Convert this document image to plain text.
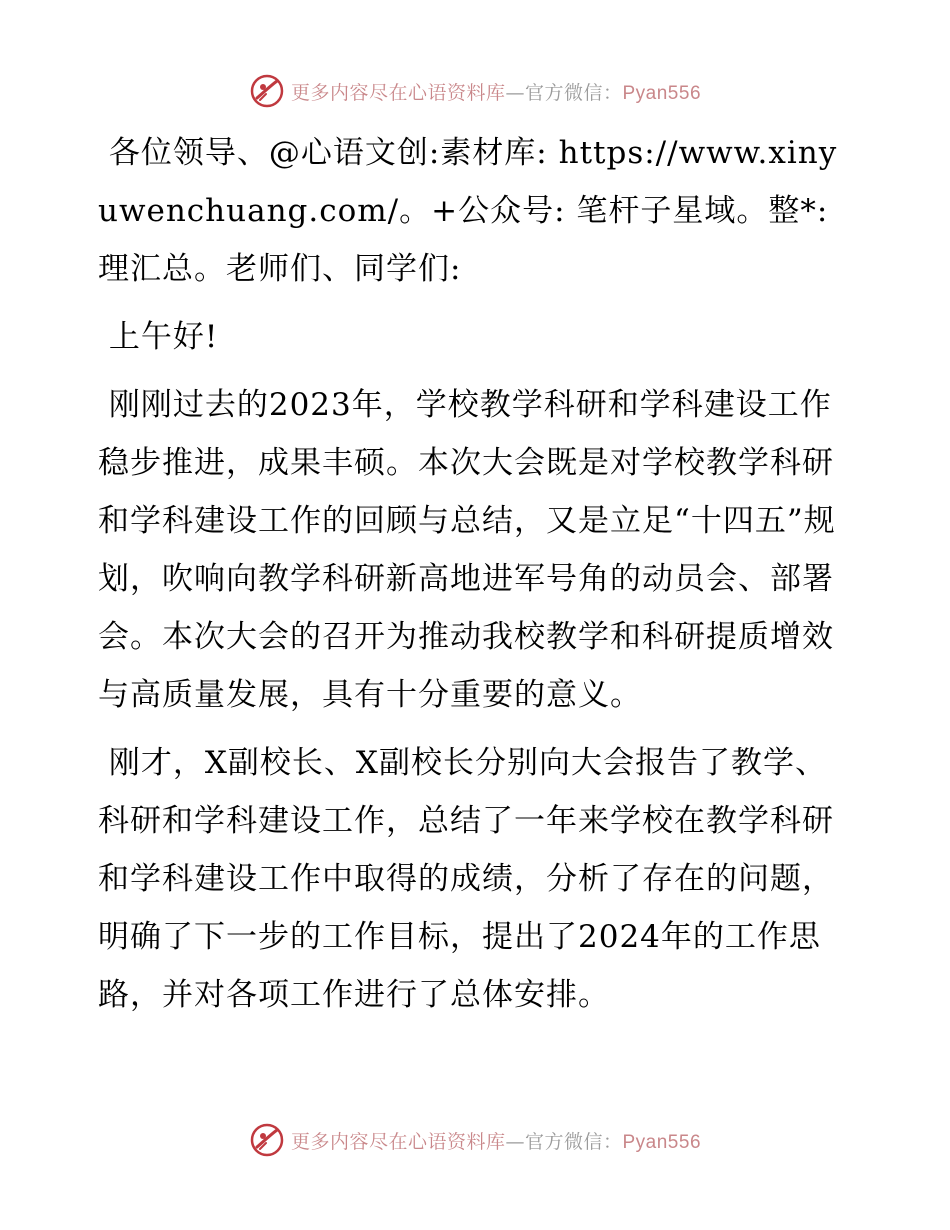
更多内容尽在心语资料库—官方微信：Pyan556

各位领导、@心语文创:素材库: https://www.xinyuwenchuang.com/。+公众号: 笔杆子星域。整*:理汇总。老师们、同学们:

上午好!

刚刚过去的2023年，学校教学科研和学科建设工作稳步推进，成果丰硕。本次大会既是对学校教学科研和学科建设工作的回顾与总结，又是立足“十四五”规划，吹响向教学科研新高地进军号角的动员会、部署会。本次大会的召开为推动我校教学和科研提质增效与高质量发展，具有十分重要的意义。

刚才，X副校长、X副校长分别向大会报告了教学、科研和学科建设工作，总结了一年来学校在教学科研和学科建设工作中取得的成绩，分析了存在的问题，明确了下一步的工作目标，提出了2024年的工作思路，并对各项工作进行了总体安排。

更多内容尽在心语资料库—官方微信：Pyan556
